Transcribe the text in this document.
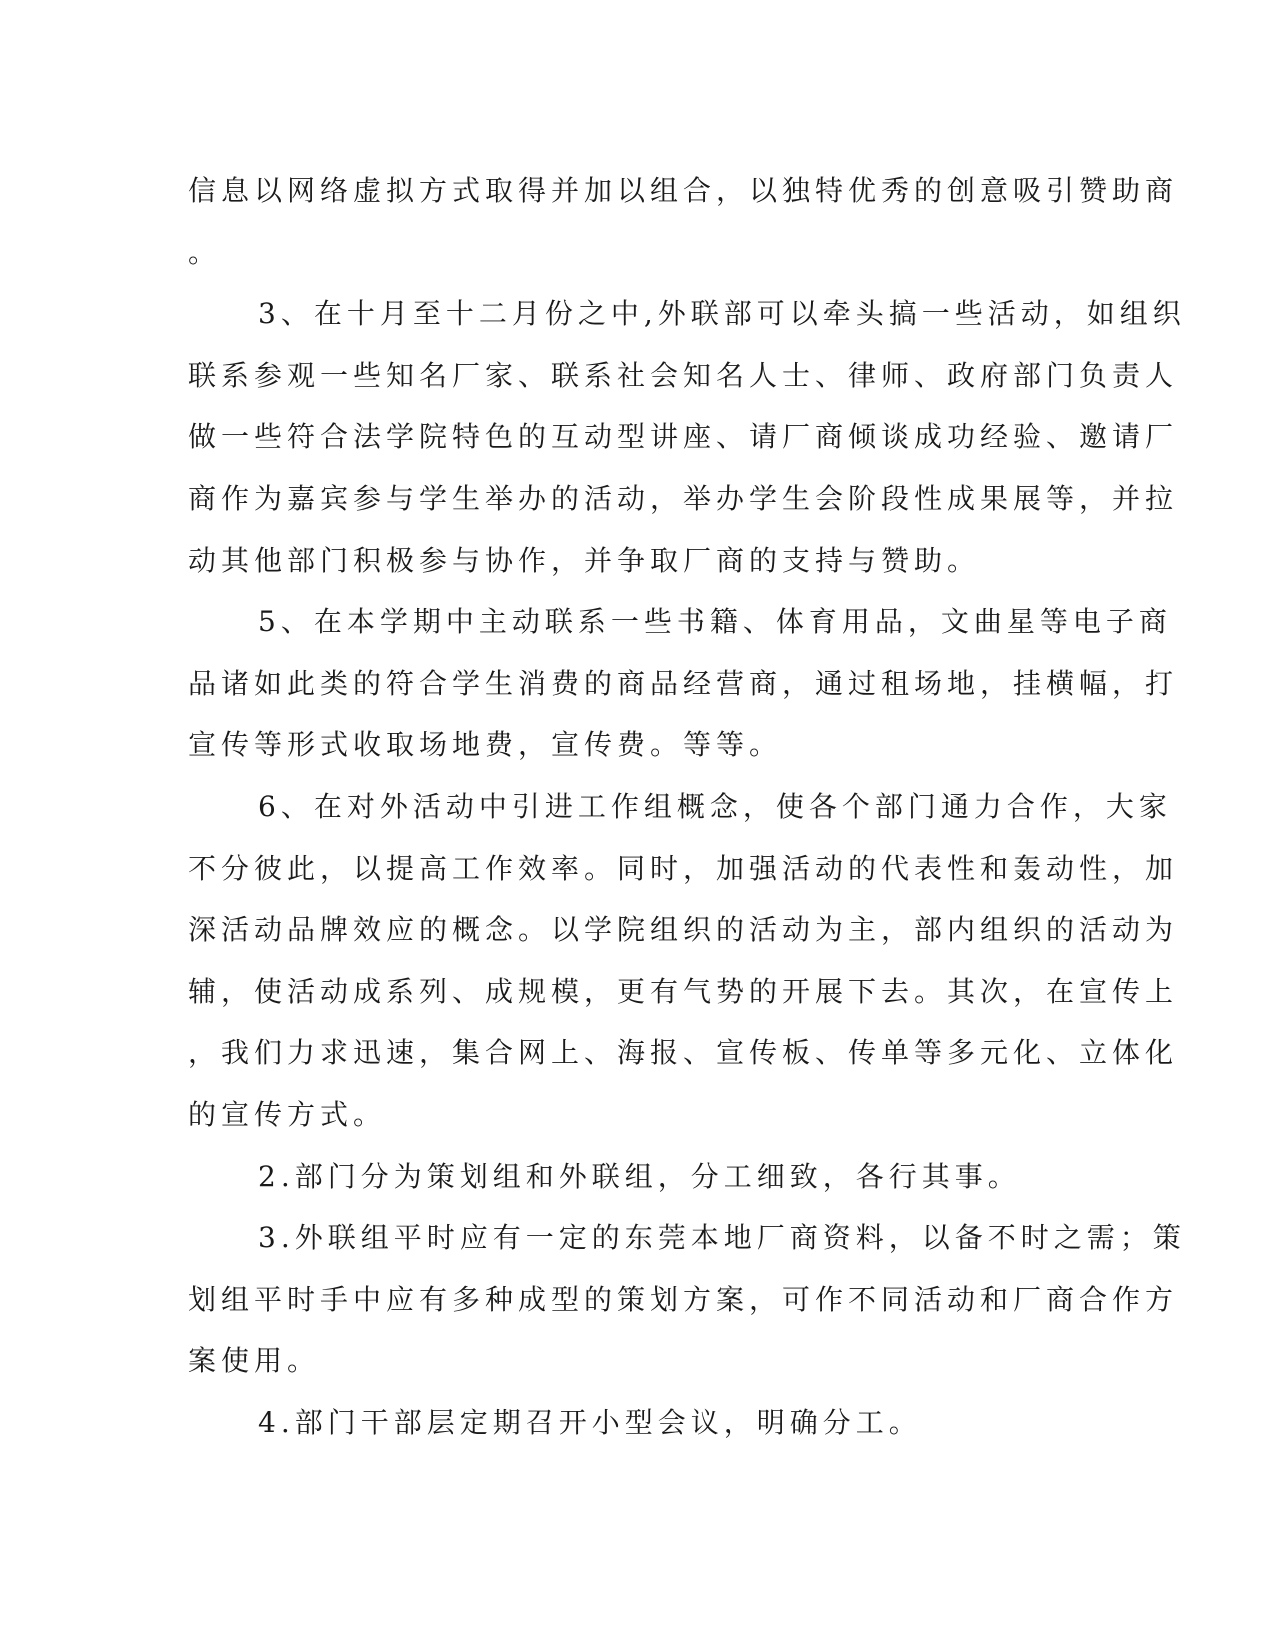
信息以网络虚拟方式取得并加以组合，以独特优秀的创意吸引赞助商
。
3、在十月至十二月份之中,外联部可以牵头搞一些活动，如组织
联系参观一些知名厂家、联系社会知名人士、律师、政府部门负责人
做一些符合法学院特色的互动型讲座、请厂商倾谈成功经验、邀请厂
商作为嘉宾参与学生举办的活动，举办学生会阶段性成果展等，并拉
动其他部门积极参与协作，并争取厂商的支持与赞助。
5、在本学期中主动联系一些书籍、体育用品，文曲星等电子商
品诸如此类的符合学生消费的商品经营商，通过租场地，挂横幅，打
宣传等形式收取场地费，宣传费。等等。
6、在对外活动中引进工作组概念，使各个部门通力合作，大家
不分彼此，以提高工作效率。同时，加强活动的代表性和轰动性，加
深活动品牌效应的概念。以学院组织的活动为主，部内组织的活动为
辅，使活动成系列、成规模，更有气势的开展下去。其次，在宣传上
，我们力求迅速，集合网上、海报、宣传板、传单等多元化、立体化
的宣传方式。
2.部门分为策划组和外联组，分工细致，各行其事。
3.外联组平时应有一定的东莞本地厂商资料，以备不时之需；策
划组平时手中应有多种成型的策划方案，可作不同活动和厂商合作方
案使用。
4.部门干部层定期召开小型会议，明确分工。
